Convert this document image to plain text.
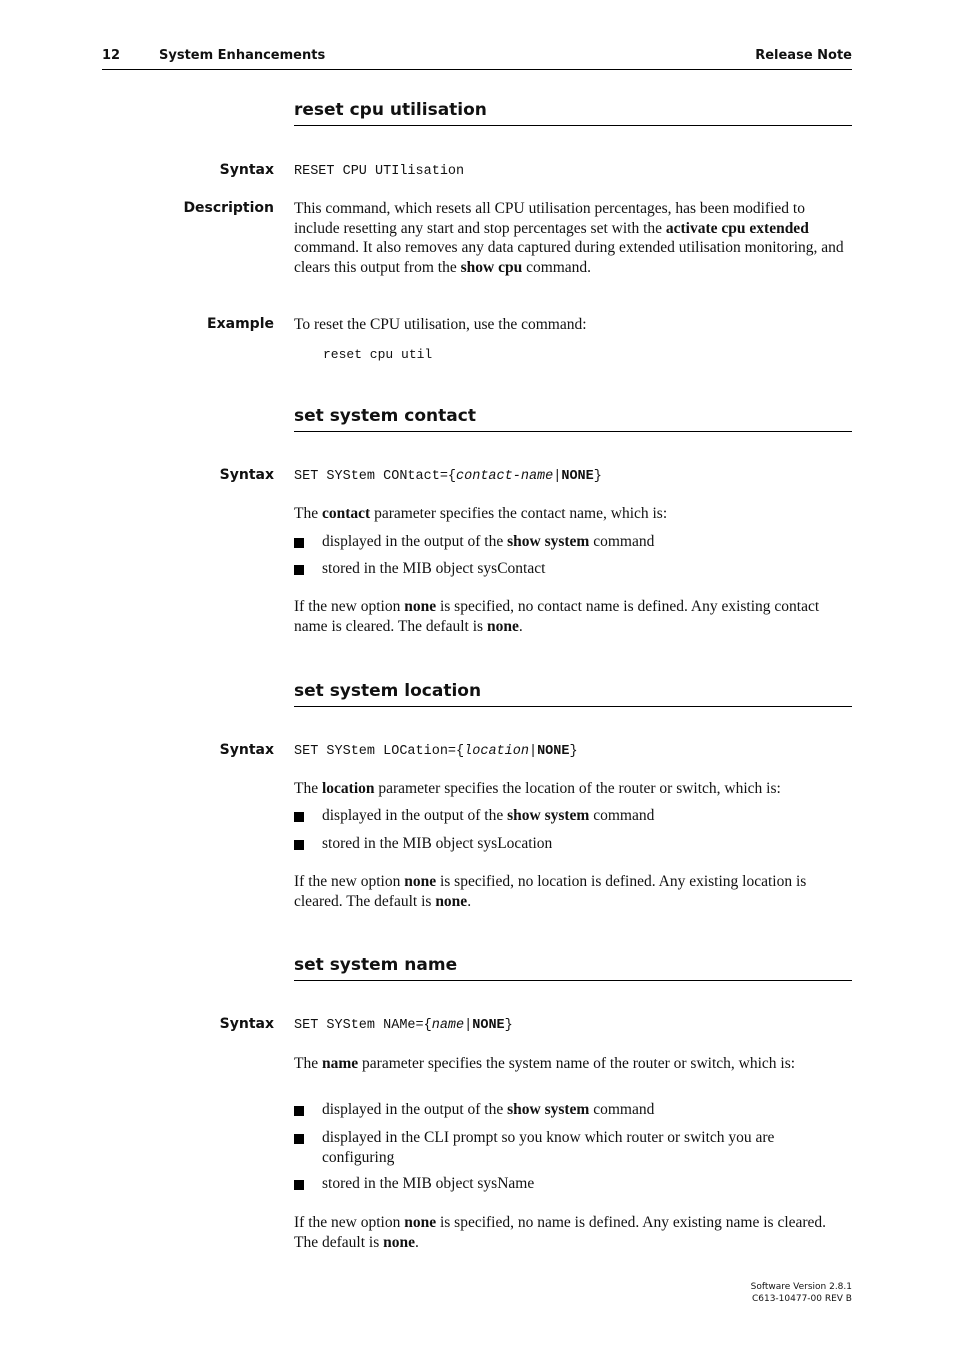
12	System Enhancements	Release Note
reset cpu utilisation
Syntax RESET CPU UTIlisation
Description This command, which resets all CPU utilisation percentages, has been modified to include resetting any start and stop percentages set with the activate cpu extended command. It also removes any data captured during extended utilisation monitoring, and clears this output from the show cpu command.
Example To reset the CPU utilisation, use the command:
reset cpu util
set system contact
Syntax SET SYStem CONtact={contact-name|NONE}
The contact parameter specifies the contact name, which is:
displayed in the output of the show system command
stored in the MIB object sysContact
If the new option none is specified, no contact name is defined. Any existing contact name is cleared. The default is none.
set system location
Syntax SET SYStem LOCation={location|NONE}
The location parameter specifies the location of the router or switch, which is:
displayed in the output of the show system command
stored in the MIB object sysLocation
If the new option none is specified, no location is defined. Any existing location is cleared. The default is none.
set system name
Syntax SET SYStem NAMe={name|NONE}
The name parameter specifies the system name of the router or switch, which is:
displayed in the output of the show system command
displayed in the CLI prompt so you know which router or switch you are configuring
stored in the MIB object sysName
If the new option none is specified, no name is defined. Any existing name is cleared. The default is none.
Software Version 2.8.1
C613-10477-00 REV B
